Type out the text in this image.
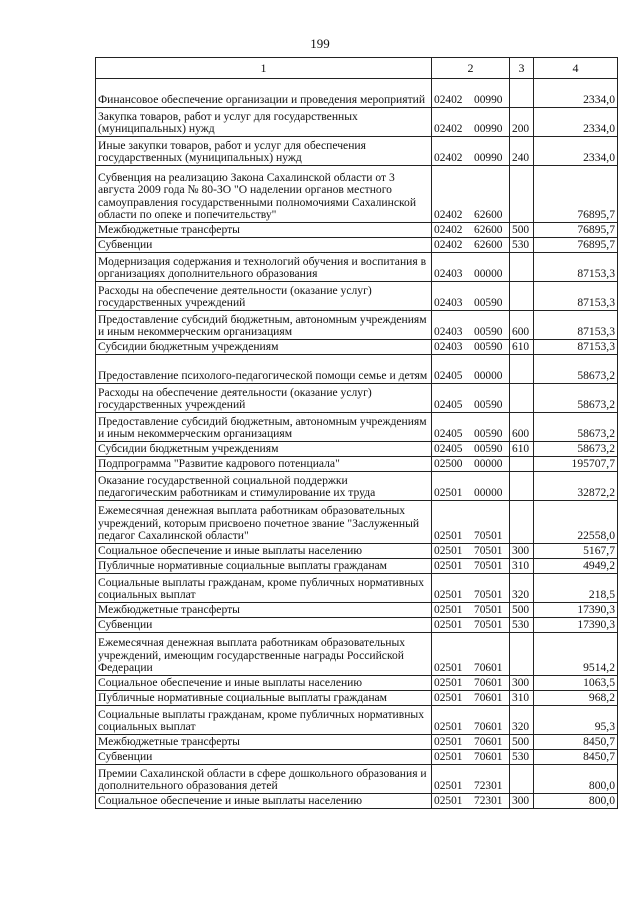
199
1	2	3	4
Финансовое обеспечение организации и проведения мероприятий	02402 00990		2334,0
Закупка товаров, работ и услуг для государственных (муниципальных) нужд	02402 00990	200	2334,0
Иные закупки товаров, работ и услуг для обеспечения государственных (муниципальных) нужд	02402 00990	240	2334,0
Субвенция на реализацию Закона Сахалинской области от 3 августа 2009 года № 80-ЗО "О наделении органов местного самоуправления государственными полномочиями Сахалинской области по опеке и попечительству"	02402 62600		76895,7
Межбюджетные трансферты	02402 62600	500	76895,7
Субвенции	02402 62600	530	76895,7
Модернизация содержания и технологий обучения и воспитания в организациях дополнительного образования	02403 00000		87153,3
Расходы на обеспечение деятельности (оказание услуг) государственных учреждений	02403 00590		87153,3
Предоставление субсидий бюджетным, автономным учреждениям и иным некоммерческим организациям	02403 00590	600	87153,3
Субсидии бюджетным учреждениям	02403 00590	610	87153,3
Предоставление психолого-педагогической помощи семье и детям	02405 00000		58673,2
Расходы на обеспечение деятельности (оказание услуг) государственных учреждений	02405 00590		58673,2
Предоставление субсидий бюджетным, автономным учреждениям и иным некоммерческим организациям	02405 00590	600	58673,2
Субсидии бюджетным учреждениям	02405 00590	610	58673,2
Подпрограмма "Развитие кадрового потенциала"	02500 00000		195707,7
Оказание государственной социальной поддержки педагогическим работникам и стимулирование их труда	02501 00000		32872,2
Ежемесячная денежная выплата работникам образовательных учреждений, которым присвоено почетное звание "Заслуженный педагог Сахалинской области"	02501 70501		22558,0
Социальное обеспечение и иные выплаты населению	02501 70501	300	5167,7
Публичные нормативные социальные выплаты гражданам	02501 70501	310	4949,2
Социальные выплаты гражданам, кроме публичных нормативных социальных выплат	02501 70501	320	218,5
Межбюджетные трансферты	02501 70501	500	17390,3
Субвенции	02501 70501	530	17390,3
Ежемесячная денежная выплата работникам образовательных учреждений, имеющим государственные награды Российской Федерации	02501 70601		9514,2
Социальное обеспечение и иные выплаты населению	02501 70601	300	1063,5
Публичные нормативные социальные выплаты гражданам	02501 70601	310	968,2
Социальные выплаты гражданам, кроме публичных нормативных социальных выплат	02501 70601	320	95,3
Межбюджетные трансферты	02501 70601	500	8450,7
Субвенции	02501 70601	530	8450,7
Премии Сахалинской области в сфере дошкольного образования и дополнительного образования детей	02501 72301		800,0
Социальное обеспечение и иные выплаты населению	02501 72301	300	800,0
